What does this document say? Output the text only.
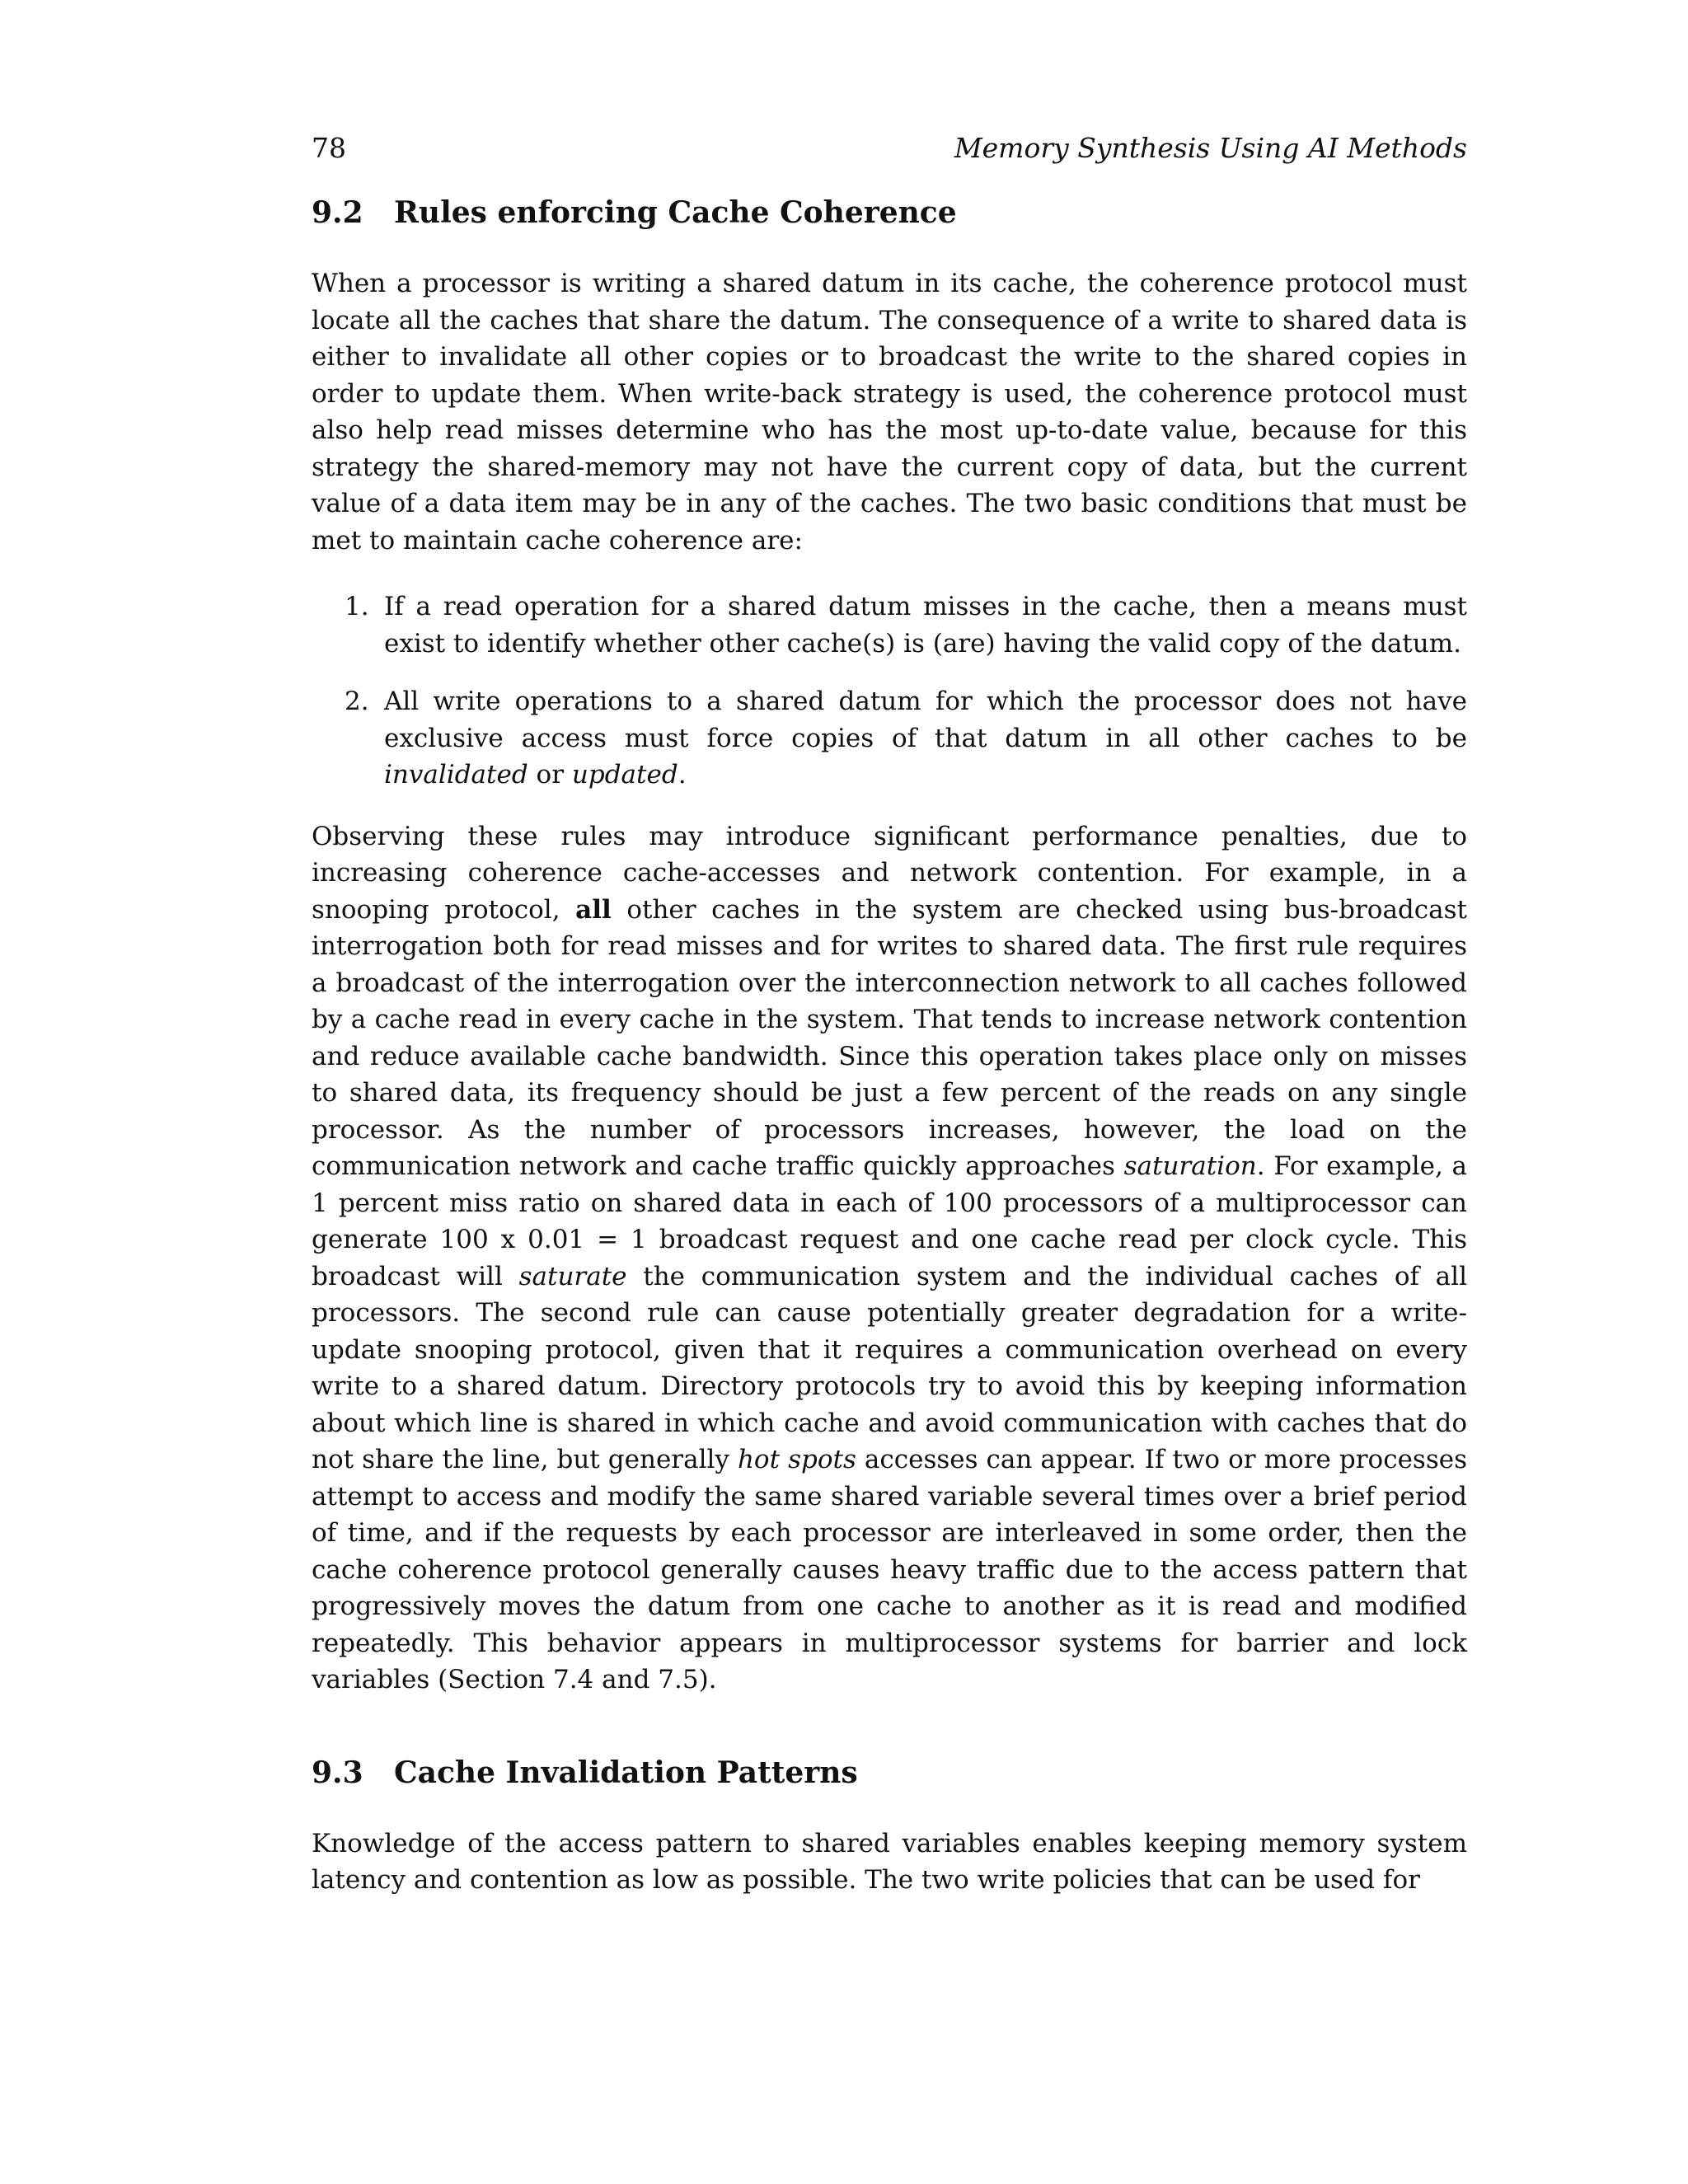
78	Memory Synthesis Using AI Methods
9.2 Rules enforcing Cache Coherence

When a processor is writing a shared datum in its cache, the coherence protocol must locate all the caches that share the datum. The consequence of a write to shared data is either to invalidate all other copies or to broadcast the write to the shared copies in order to update them. When write-back strategy is used, the coherence protocol must also help read misses determine who has the most up-to-date value, because for this strategy the shared-memory may not have the current copy of data, but the current value of a data item may be in any of the caches. The two basic conditions that must be met to maintain cache coherence are:

1. If a read operation for a shared datum misses in the cache, then a means must exist to identify whether other cache(s) is (are) having the valid copy of the datum.
2. All write operations to a shared datum for which the processor does not have exclusive access must force copies of that datum in all other caches to be invalidated or updated.

Observing these rules may introduce significant performance penalties, due to increasing coherence cache-accesses and network contention. For example, in a snooping protocol, all other caches in the system are checked using bus-broadcast interrogation both for read misses and for writes to shared data. The first rule requires a broadcast of the interrogation over the interconnection network to all caches followed by a cache read in every cache in the system. That tends to increase network contention and reduce available cache bandwidth. Since this operation takes place only on misses to shared data, its frequency should be just a few percent of the reads on any single processor. As the number of processors increases, however, the load on the communication network and cache traffic quickly approaches saturation. For example, a 1 percent miss ratio on shared data in each of 100 processors of a multiprocessor can generate 100 x 0.01 = 1 broadcast request and one cache read per clock cycle. This broadcast will saturate the communication system and the individual caches of all processors. The second rule can cause potentially greater degradation for a write-update snooping protocol, given that it requires a communication overhead on every write to a shared datum. Directory protocols try to avoid this by keeping information about which line is shared in which cache and avoid communication with caches that do not share the line, but generally hot spots accesses can appear. If two or more processes attempt to access and modify the same shared variable several times over a brief period of time, and if the requests by each processor are interleaved in some order, then the cache coherence protocol generally causes heavy traffic due to the access pattern that progressively moves the datum from one cache to another as it is read and modified repeatedly. This behavior appears in multiprocessor systems for barrier and lock variables (Section 7.4 and 7.5).

9.3 Cache Invalidation Patterns

Knowledge of the access pattern to shared variables enables keeping memory system latency and contention as low as possible. The two write policies that can be used for
